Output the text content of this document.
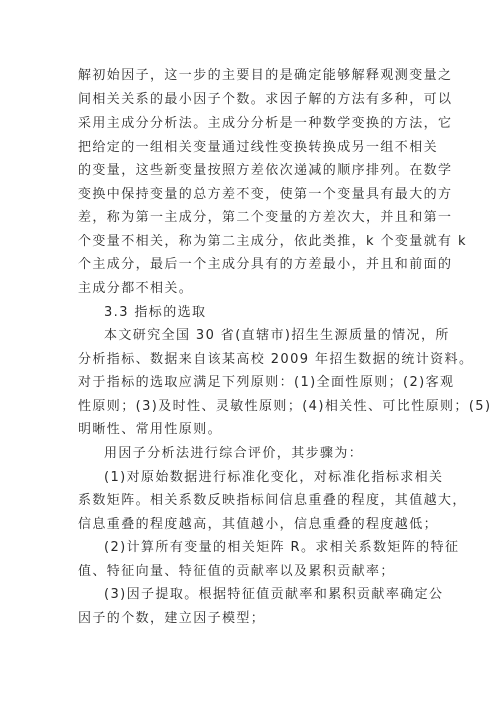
解初始因子，这一步的主要目的是确定能够解释观测变量之
间相关关系的最小因子个数。求因子解的方法有多种，可以
采用主成分分析法。主成分分析是一种数学变换的方法，它
把给定的一组相关变量通过线性变换转换成另一组不相关
的变量，这些新变量按照方差依次递减的顺序排列。在数学
变换中保持变量的总方差不变，使第一个变量具有最大的方
差，称为第一主成分，第二个变量的方差次大，并且和第一
个变量不相关，称为第二主成分，依此类推，k 个变量就有 k
个主成分，最后一个主成分具有的方差最小，并且和前面的
主成分都不相关。
3.3 指标的选取
本文研究全国 30 省(直辖市)招生生源质量的情况，所
分析指标、数据来自该某高校 2009 年招生数据的统计资料。
对于指标的选取应满足下列原则：(1)全面性原则；(2)客观
性原则；(3)及时性、灵敏性原则；(4)相关性、可比性原则；(5)
明晰性、常用性原则。
用因子分析法进行综合评价，其步骤为：
(1)对原始数据进行标准化变化，对标准化指标求相关
系数矩阵。相关系数反映指标间信息重叠的程度，其值越大，
信息重叠的程度越高，其值越小，信息重叠的程度越低；
(2)计算所有变量的相关矩阵 R。求相关系数矩阵的特征
值、特征向量、特征值的贡献率以及累积贡献率；
(3)因子提取。根据特征值贡献率和累积贡献率确定公
因子的个数，建立因子模型；
